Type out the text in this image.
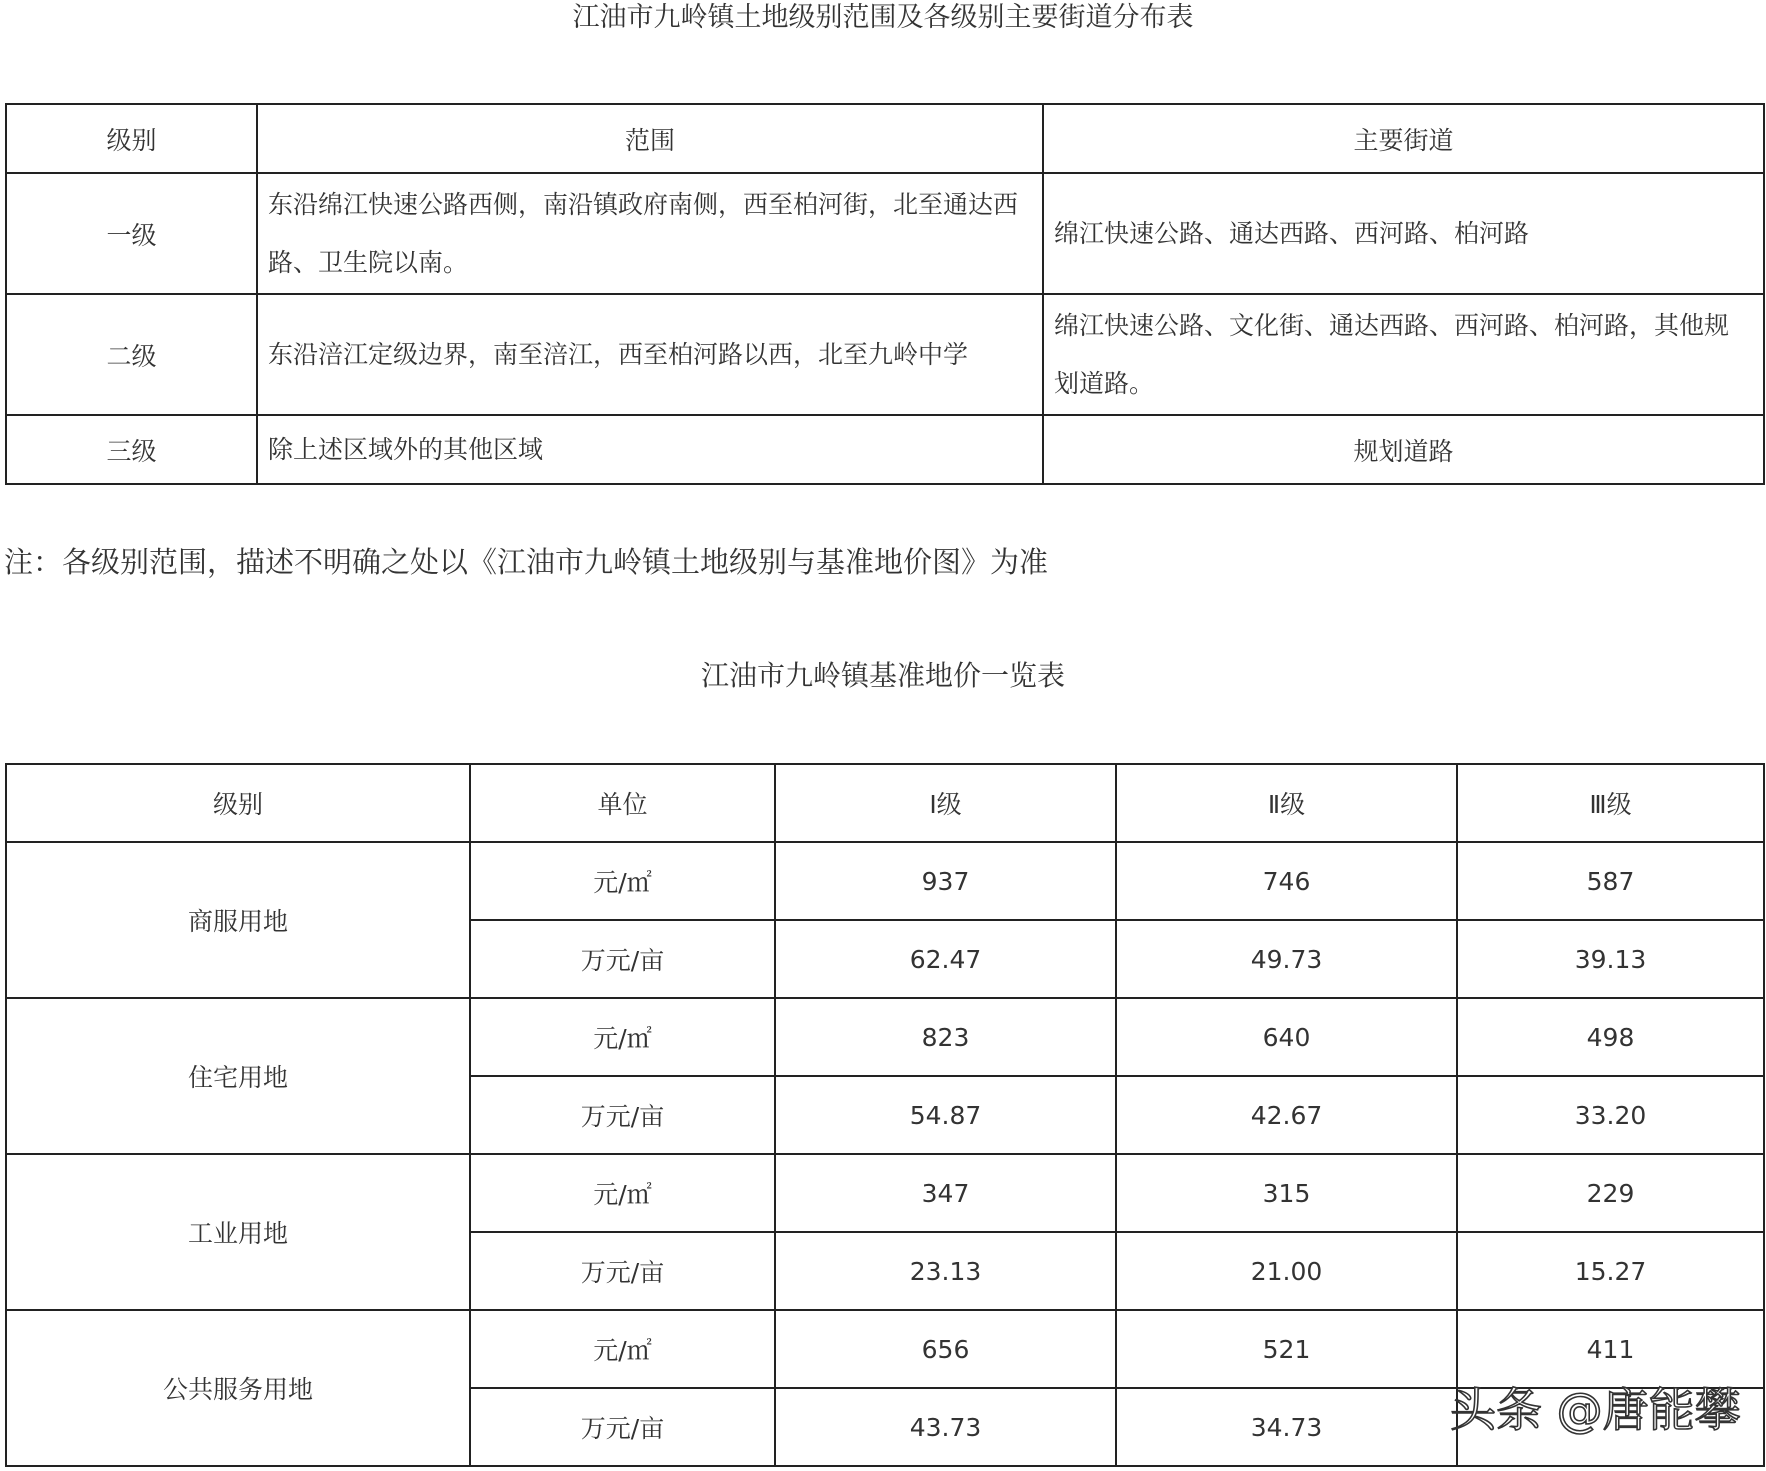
江油市九岭镇土地级别范围及各级别主要街道分布表
级别	范围	主要街道
一级	东沿绵江快速公路西侧，南沿镇政府南侧，西至柏河街，北至通达西路、卫生院以南。	绵江快速公路、通达西路、西河路、柏河路
二级	东沿涪江定级边界，南至涪江，西至柏河路以西，北至九岭中学	绵江快速公路、文化街、通达西路、西河路、柏河路，其他规划道路。
三级	除上述区域外的其他区域	规划道路
注：各级别范围，描述不明确之处以《江油市九岭镇土地级别与基准地价图》为准
江油市九岭镇基准地价一览表
级别	单位	Ⅰ级	Ⅱ级	Ⅲ级
商服用地	元/㎡	937	746	587
	万元/亩	62.47	49.73	39.13
住宅用地	元/㎡	823	640	498
	万元/亩	54.87	42.67	33.20
工业用地	元/㎡	347	315	229
	万元/亩	23.13	21.00	15.27
公共服务用地	元/㎡	656	521	411
	万元/亩	43.73	34.73		头条 @唐能攀
